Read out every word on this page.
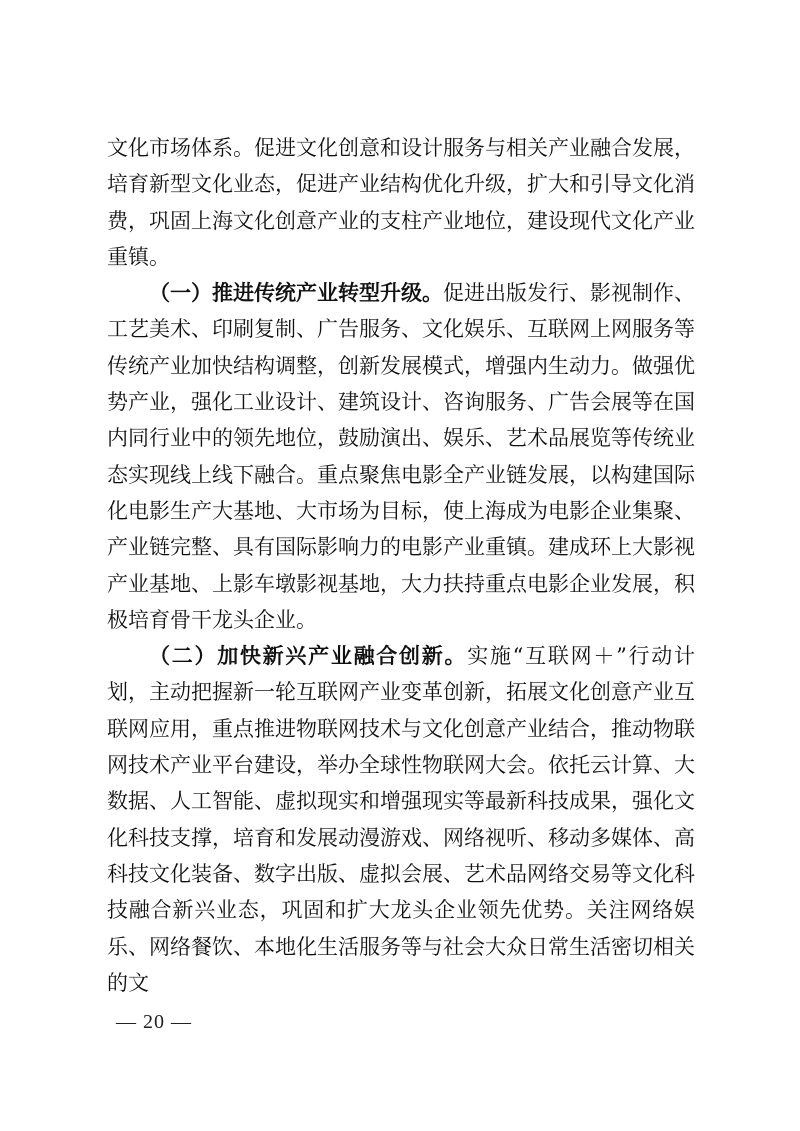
文化市场体系。促进文化创意和设计服务与相关产业融合发展，培育新型文化业态，促进产业结构优化升级，扩大和引导文化消费，巩固上海文化创意产业的支柱产业地位，建设现代文化产业重镇。

（一）推进传统产业转型升级。促进出版发行、影视制作、工艺美术、印刷复制、广告服务、文化娱乐、互联网上网服务等传统产业加快结构调整，创新发展模式，增强内生动力。做强优势产业，强化工业设计、建筑设计、咨询服务、广告会展等在国内同行业中的领先地位，鼓励演出、娱乐、艺术品展览等传统业态实现线上线下融合。重点聚焦电影全产业链发展，以构建国际化电影生产大基地、大市场为目标，使上海成为电影企业集聚、产业链完整、具有国际影响力的电影产业重镇。建成环上大影视产业基地、上影车墩影视基地，大力扶持重点电影企业发展，积极培育骨干龙头企业。

（二）加快新兴产业融合创新。实施“互联网＋”行动计划，主动把握新一轮互联网产业变革创新，拓展文化创意产业互联网应用，重点推进物联网技术与文化创意产业结合，推动物联网技术产业平台建设，举办全球性物联网大会。依托云计算、大数据、人工智能、虚拟现实和增强现实等最新科技成果，强化文化科技支撑，培育和发展动漫游戏、网络视听、移动多媒体、高科技文化装备、数字出版、虚拟会展、艺术品网络交易等文化科技融合新兴业态，巩固和扩大龙头企业领先优势。关注网络娱乐、网络餐饮、本地化生活服务等与社会大众日常生活密切相关的文

— 20 —
